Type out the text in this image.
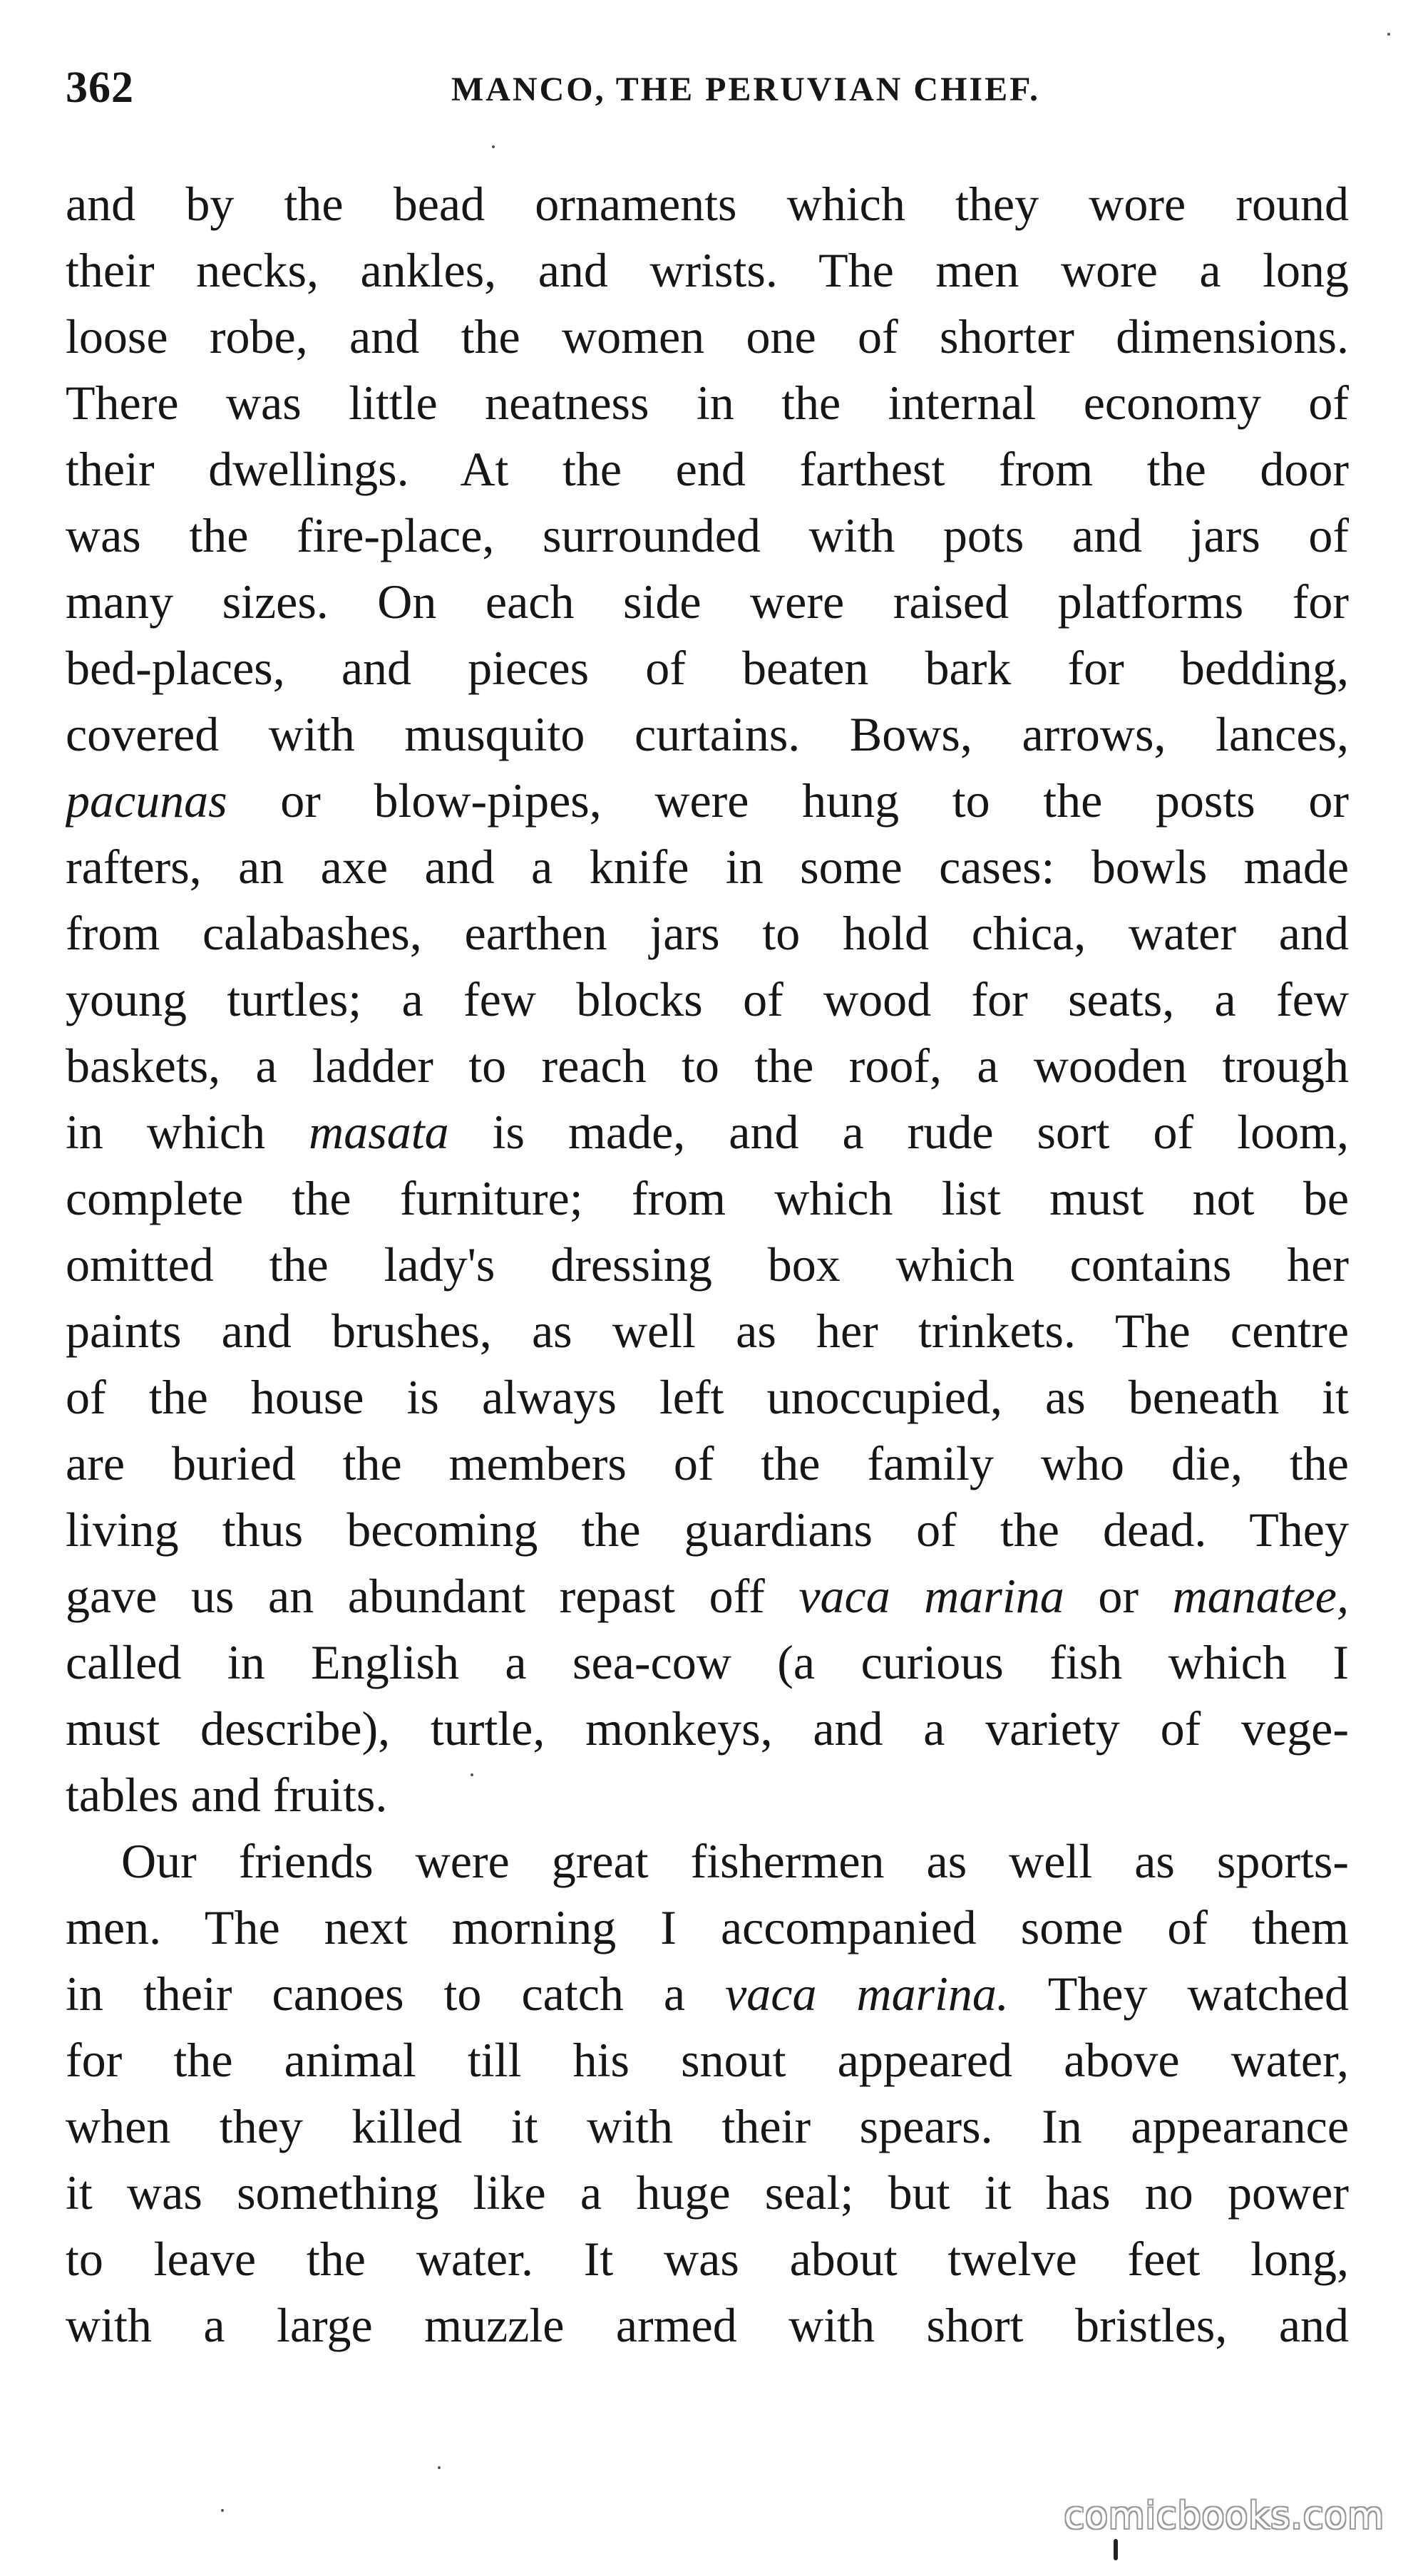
362	MANCO, THE PERUVIAN CHIEF.
and by the bead ornaments which they wore round
their necks, ankles, and wrists. The men wore a long
loose robe, and the women one of shorter dimensions.
There was little neatness in the internal economy of
their dwellings. At the end farthest from the door
was the fire-place, surrounded with pots and jars of
many sizes. On each side were raised platforms for
bed-places, and pieces of beaten bark for bedding,
covered with musquito curtains. Bows, arrows, lances,
pacunas or blow-pipes, were hung to the posts or
rafters, an axe and a knife in some cases: bowls made
from calabashes, earthen jars to hold chica, water and
young turtles; a few blocks of wood for seats, a few
baskets, a ladder to reach to the roof, a wooden trough
in which masata is made, and a rude sort of loom,
complete the furniture; from which list must not be
omitted the lady's dressing box which contains her
paints and brushes, as well as her trinkets. The centre
of the house is always left unoccupied, as beneath it
are buried the members of the family who die, the
living thus becoming the guardians of the dead. They
gave us an abundant repast off vaca marina or manatee,
called in English a sea-cow (a curious fish which I
must describe), turtle, monkeys, and a variety of vege-
tables and fruits.
Our friends were great fishermen as well as sports-
men. The next morning I accompanied some of them
in their canoes to catch a vaca marina. They watched
for the animal till his snout appeared above water,
when they killed it with their spears. In appearance
it was something like a huge seal; but it has no power
to leave the water. It was about twelve feet long,
with a large muzzle armed with short bristles, and
comicbooks.com
